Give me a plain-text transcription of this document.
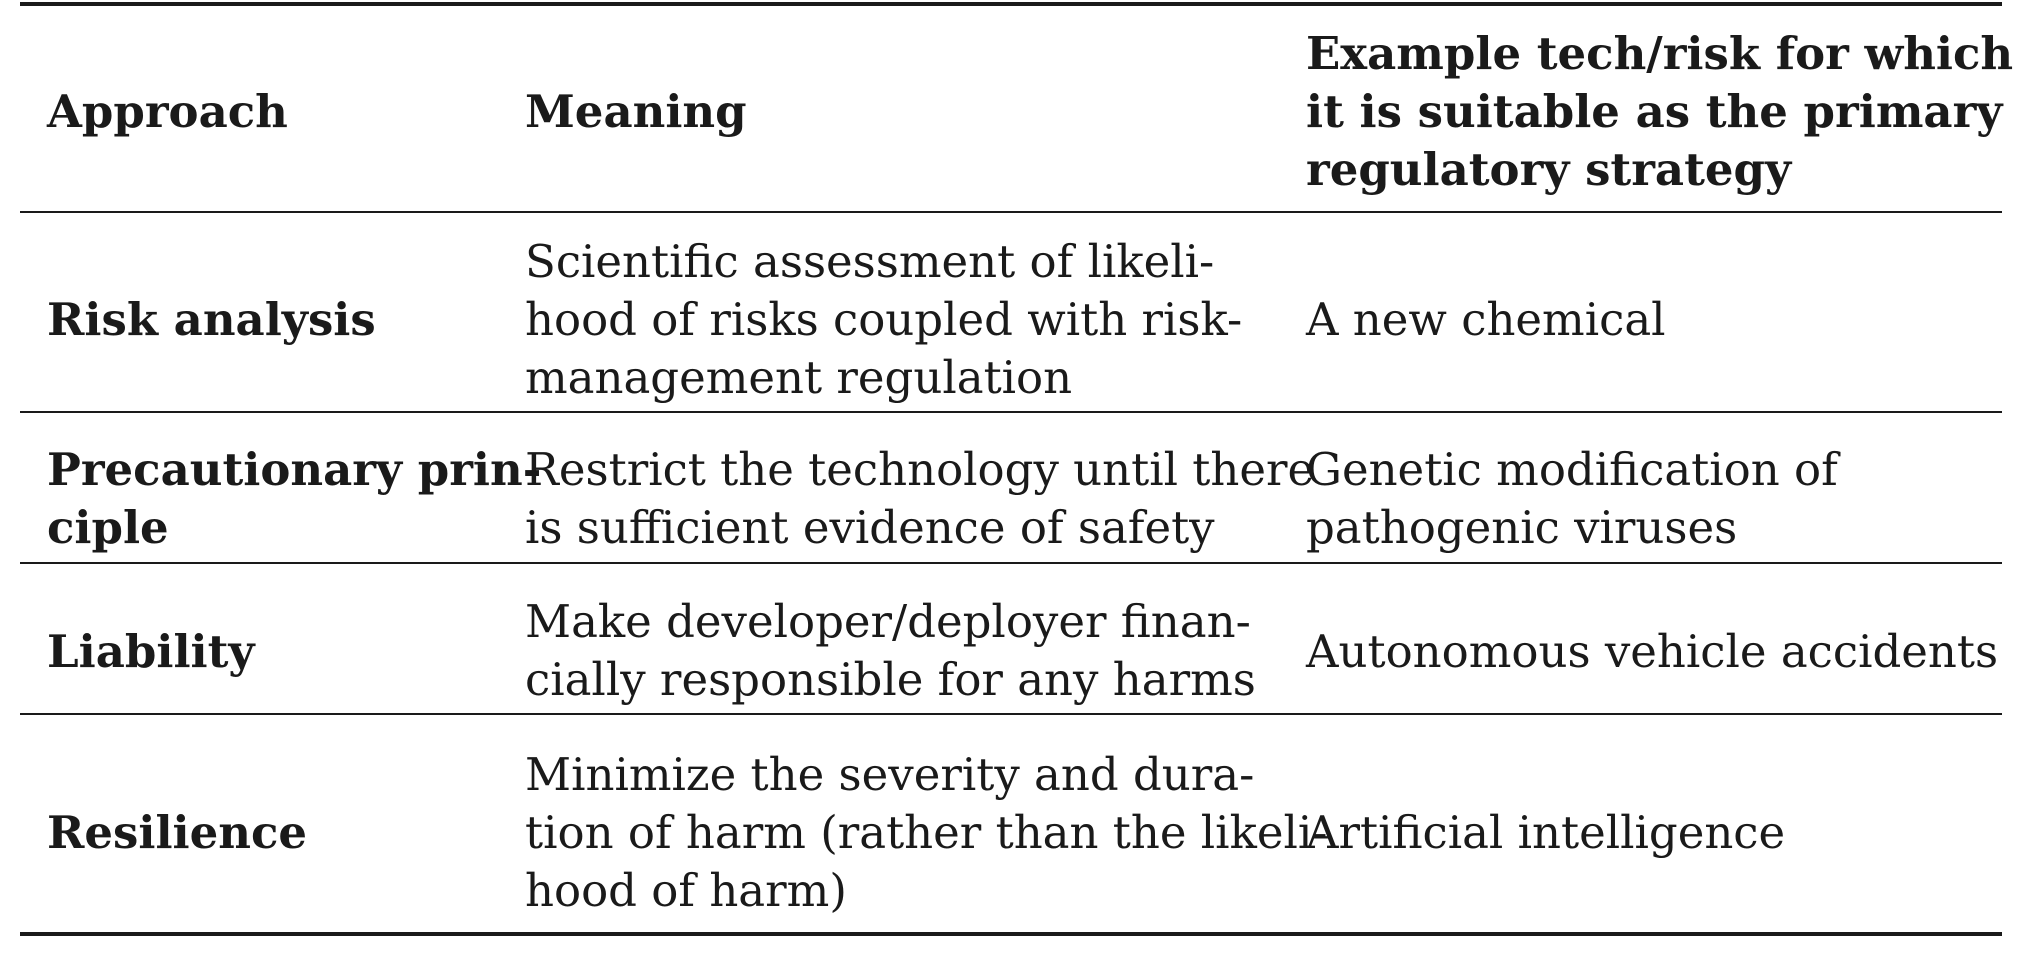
Approach	Meaning
Example tech/risk for which
it is suitable as the primary
regulatory strategy
Risk analysis
Scientific assessment of likeli-
hood of risks coupled with risk-
management regulation
A new chemical
Precautionary prin-
ciple
Restrict the technology until there
is sufficient evidence of safety
Genetic modification of
pathogenic viruses
Liability
Make developer/deployer finan-
cially responsible for any harms
Autonomous vehicle accidents
Resilience
Minimize the severity and dura-
tion of harm (rather than the likeli-
hood of harm)
Artificial intelligence
